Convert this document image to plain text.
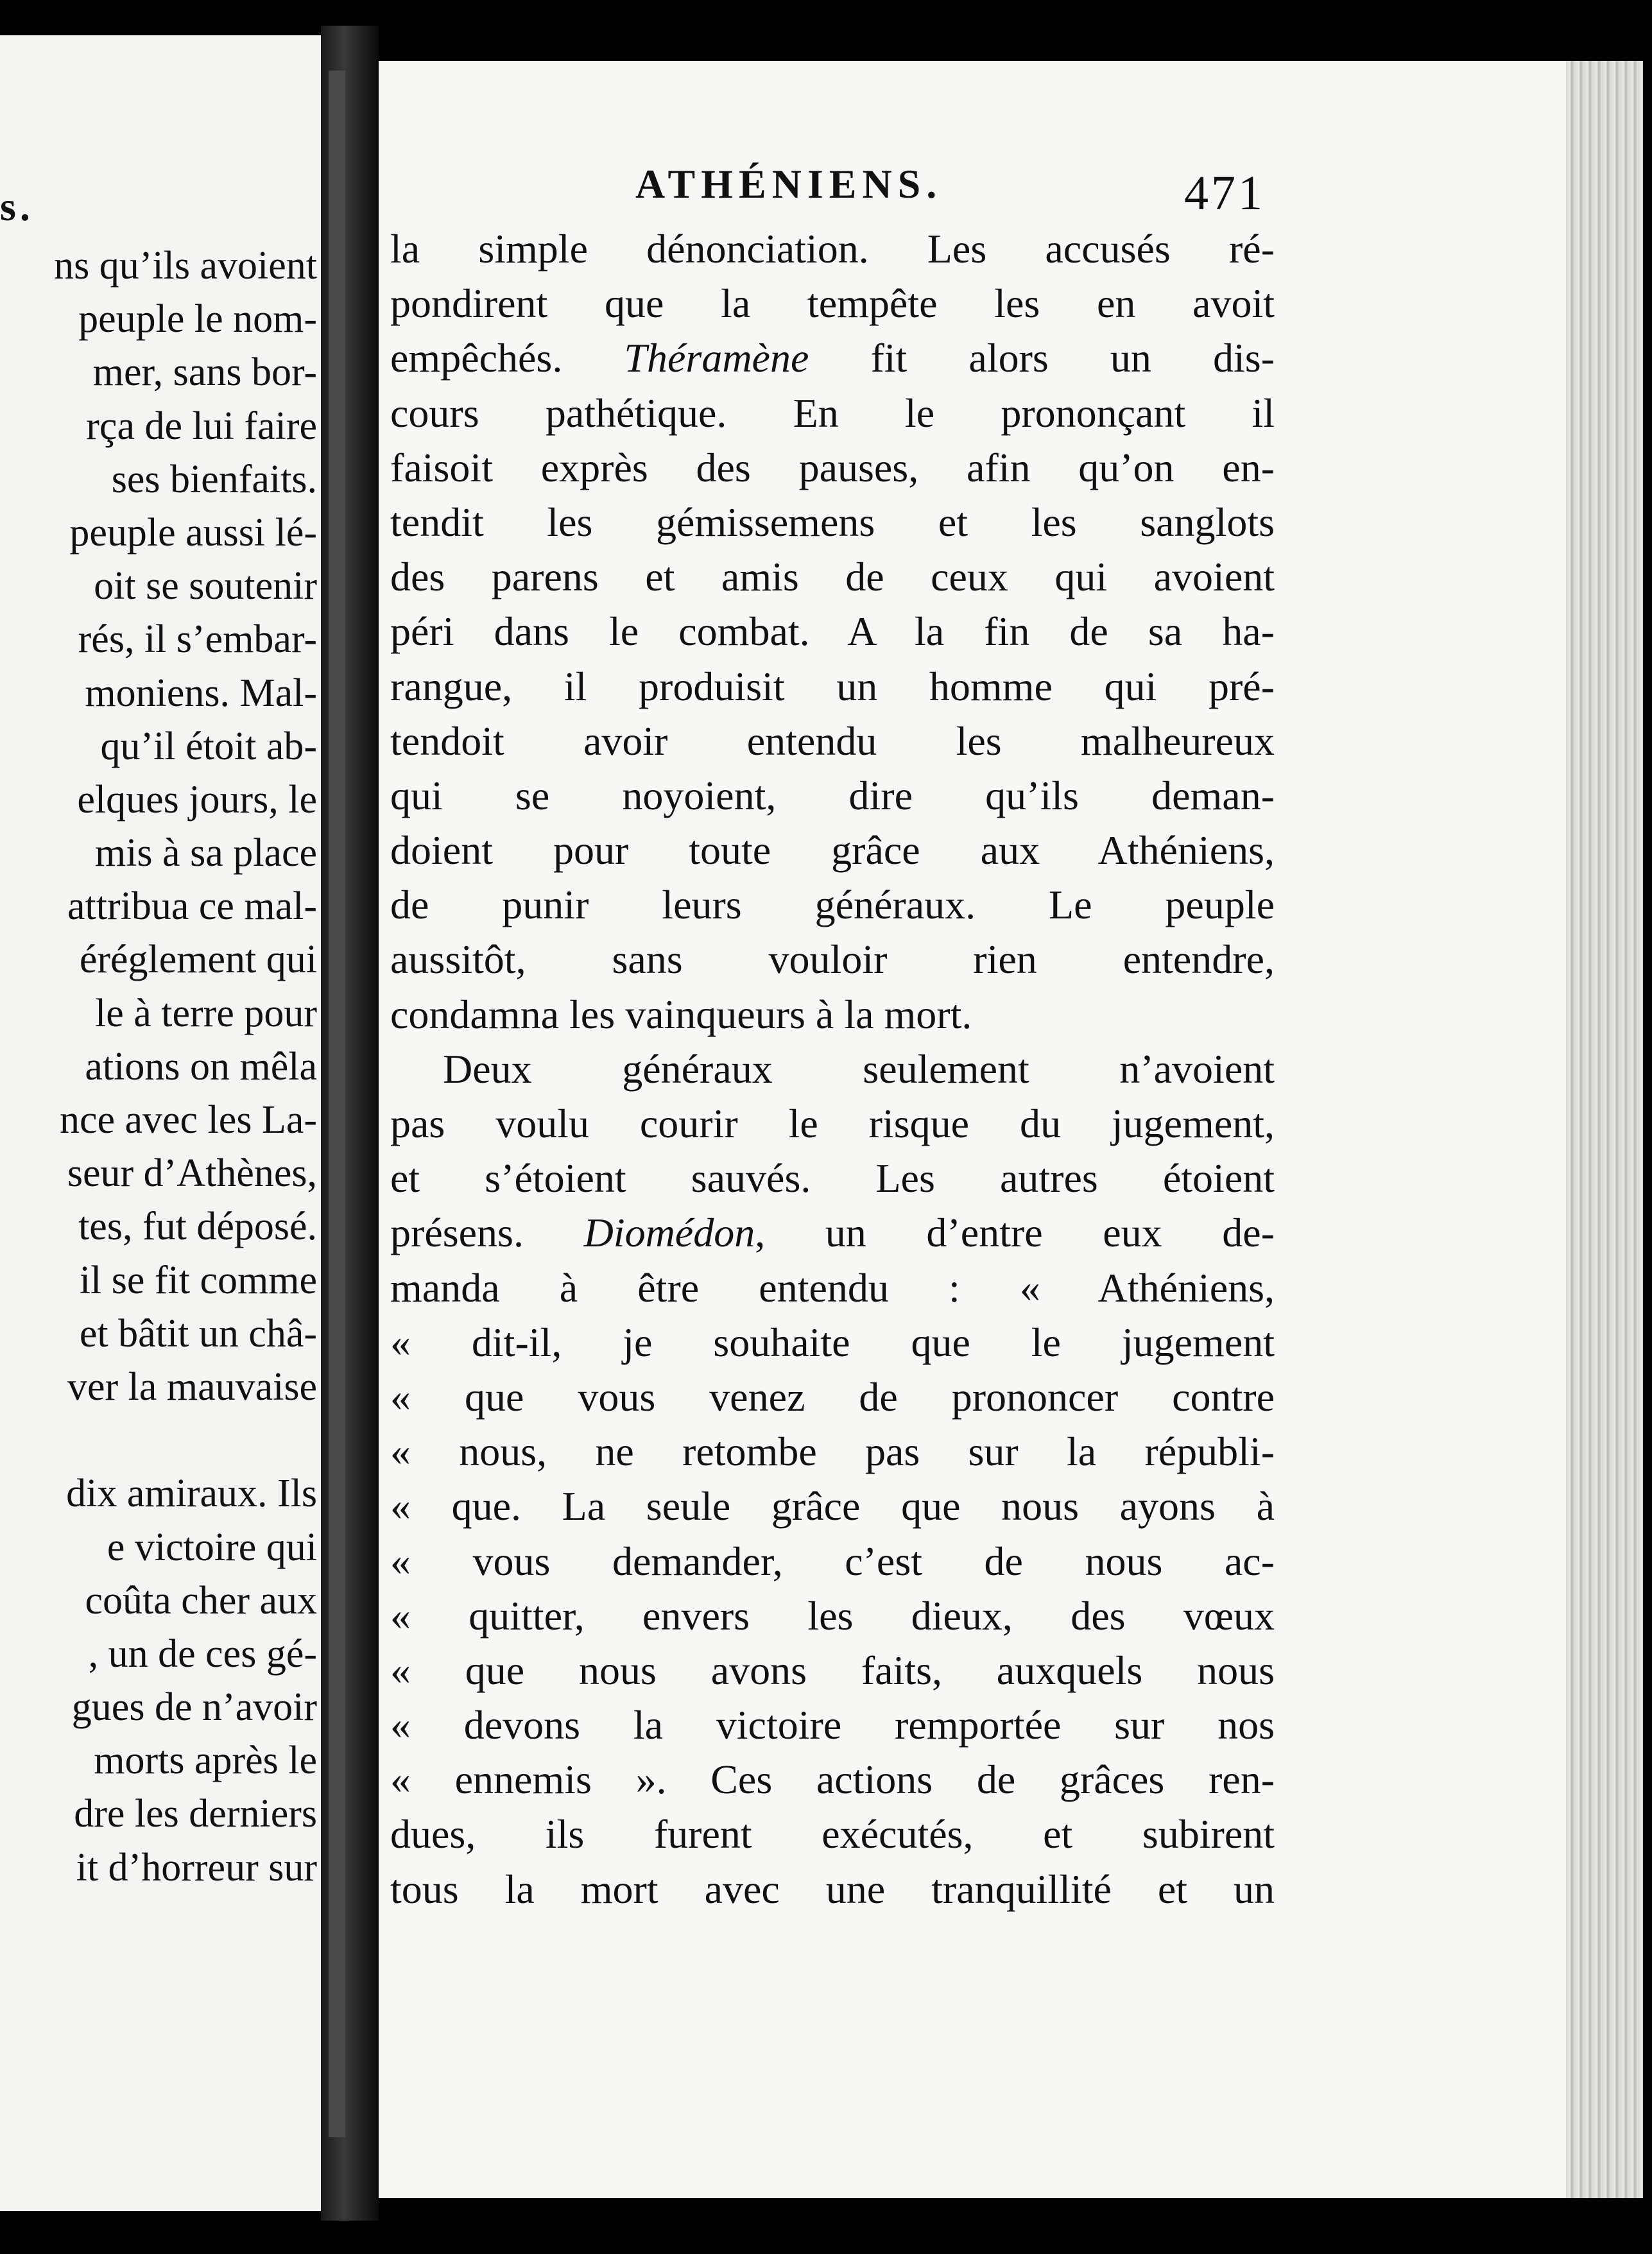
s.
ns qu’ils avoient
peuple le nom-
mer, sans bor-
rça de lui faire
ses bienfaits.
peuple aussi lé-
oit se soutenir
rés, il s’embar-
moniens. Mal-
qu’il étoit ab-
elques jours, le
mis à sa place
attribua ce mal-
éréglement qui
le à terre pour
ations on mêla
nce avec les La-
seur d’Athènes,
tes, fut déposé.
il se fit comme
et bâtit un châ-
ver la mauvaise

dix amiraux. Ils
e victoire qui
coûta cher aux
, un de ces gé-
gues de n’avoir
morts après le
dre les derniers
it d’horreur sur
ATHÉNIENS.	471
la simple dénonciation. Les accusés ré-
pondirent que la tempête les en avoit
empêchés. Théramène fit alors un dis-
cours pathétique. En le prononçant il
faisoit exprès des pauses, afin qu’on en-
tendit les gémissemens et les sanglots
des parens et amis de ceux qui avoient
péri dans le combat. A la fin de sa ha-
rangue, il produisit un homme qui pré-
tendoit avoir entendu les malheureux
qui se noyoient, dire qu’ils deman-
doient pour toute grâce aux Athéniens,
de punir leurs généraux. Le peuple
aussitôt, sans vouloir rien entendre,
condamna les vainqueurs à la mort.
Deux généraux seulement n’avoient
pas voulu courir le risque du jugement,
et s’étoient sauvés. Les autres étoient
présens. Diomédon, un d’entre eux de-
manda à être entendu : « Athéniens,
« dit-il, je souhaite que le jugement
« que vous venez de prononcer contre
« nous, ne retombe pas sur la républi-
« que. La seule grâce que nous ayons à
« vous demander, c’est de nous ac-
« quitter, envers les dieux, des vœux
« que nous avons faits, auxquels nous
« devons la victoire remportée sur nos
« ennemis ». Ces actions de grâces ren-
dues, ils furent exécutés, et subirent
tous la mort avec une tranquillité et un
